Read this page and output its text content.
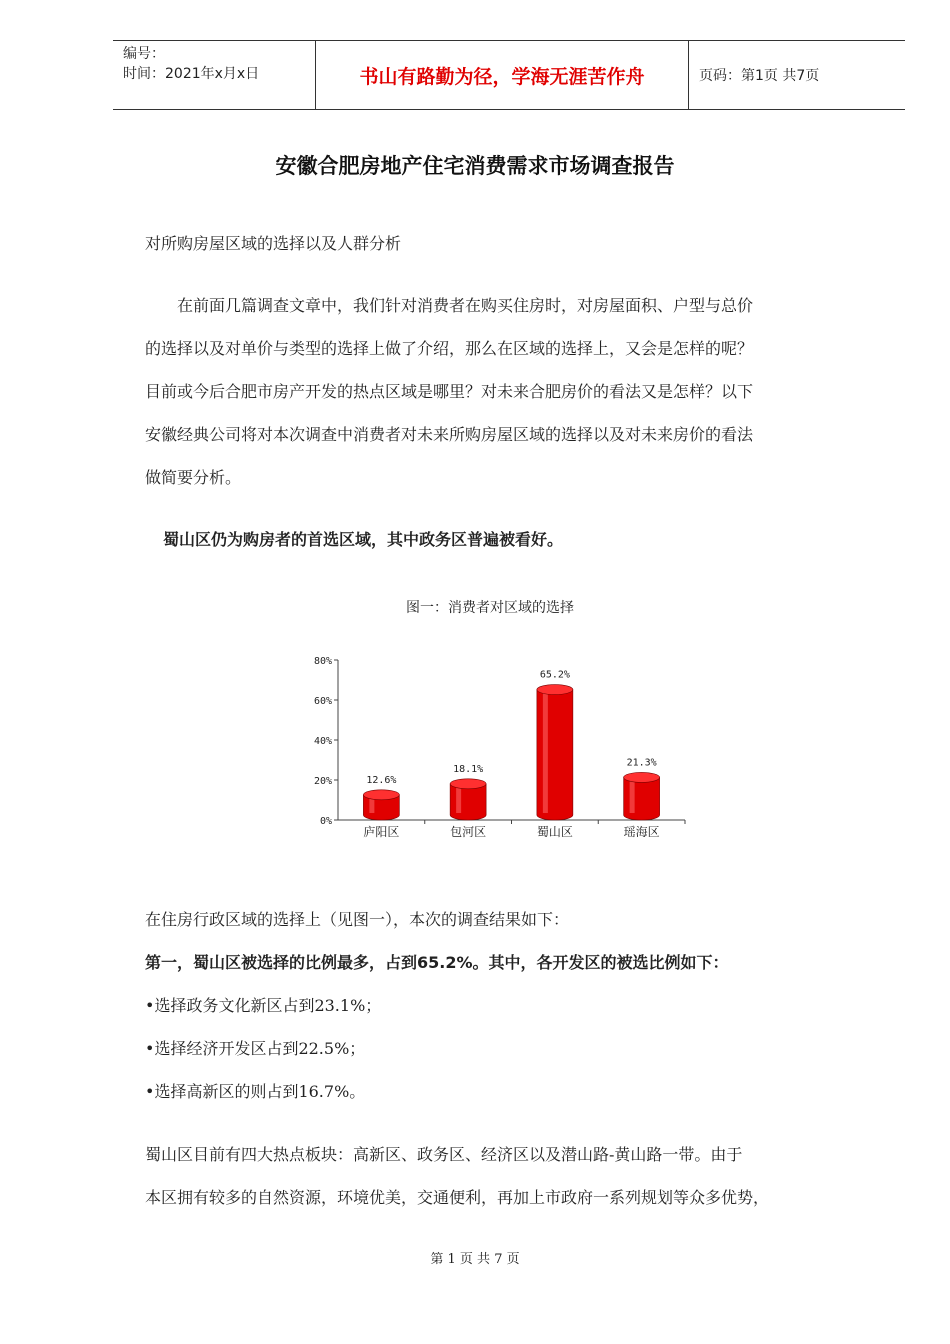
编号：
时间：2021年x月x日	书山有路勤为径，学海无涯苦作舟	页码：第1页 共7页
安徽合肥房地产住宅消费需求市场调查报告
对所购房屋区域的选择以及人群分析
　　在前面几篇调查文章中，我们针对消费者在购买住房时，对房屋面积、户型与总价
的选择以及对单价与类型的选择上做了介绍，那么在区域的选择上，又会是怎样的呢？
目前或今后合肥市房产开发的热点区域是哪里？对未来合肥房价的看法又是怎样？以下
安徽经典公司将对本次调查中消费者对未来所购房屋区域的选择以及对未来房价的看法
做简要分析。
蜀山区仍为购房者的首选区域，其中政务区普遍被看好。
图一：消费者对区域的选择
0%
20%
40%
60%
80%
12.6%
庐阳区
18.1%
包河区
65.2%
蜀山区
21.3%
瑶海区
在住房行政区域的选择上（见图一），本次的调查结果如下：
第一，蜀山区被选择的比例最多，占到65.2%。其中，各开发区的被选比例如下：
•选择政务文化新区占到23.1%；
•选择经济开发区占到22.5%；
•选择高新区的则占到16.7%。
蜀山区目前有四大热点板块：高新区、政务区、经济区以及潜山路-黄山路一带。由于
本区拥有较多的自然资源，环境优美，交通便利，再加上市政府一系列规划等众多优势，
第 1 页 共 7 页
